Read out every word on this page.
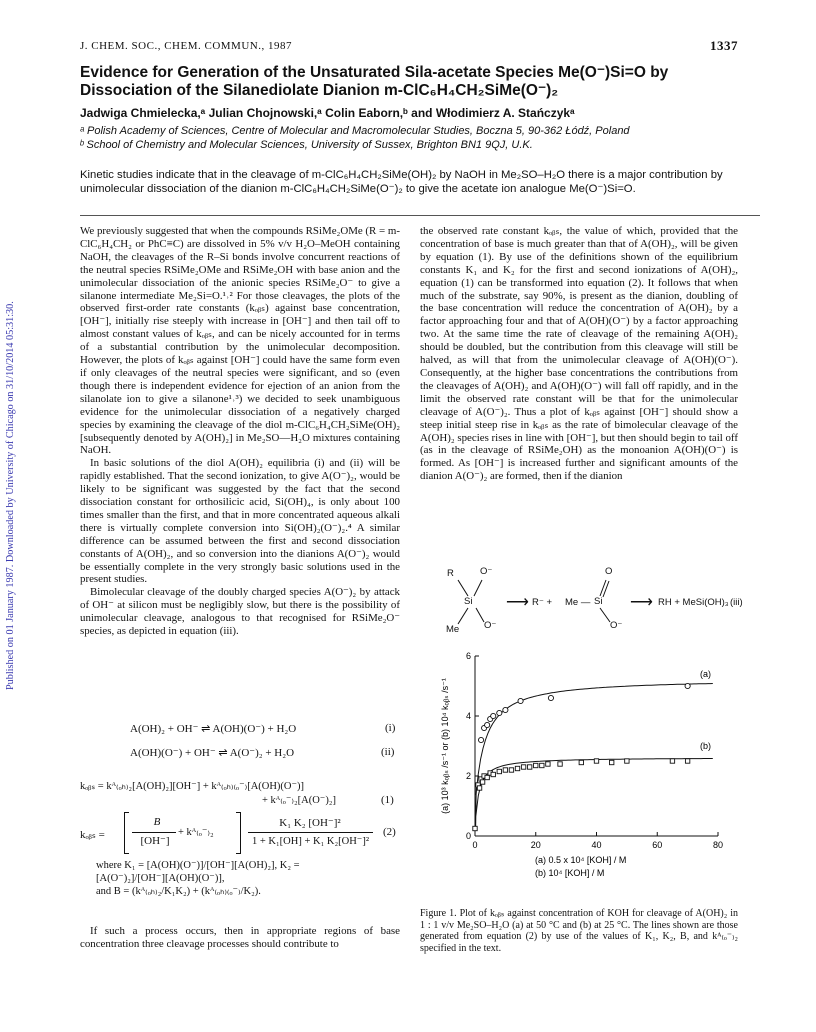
J. CHEM. SOC., CHEM. COMMUN., 1987	1337
Evidence for Generation of the Unsaturated Sila-acetate Species Me(O⁻)Si=O by
Dissociation of the Silanediolate Dianion m-ClC₆H₄CH₂SiMe(O⁻)₂
Jadwiga Chmielecka,ᵃ Julian Chojnowski,ᵃ Colin Eaborn,ᵇ and Włodimierz A. Stańczykᵃ
ᵃ Polish Academy of Sciences, Centre of Molecular and Macromolecular Studies, Boczna 5, 90-362 Łódź, Poland
ᵇ School of Chemistry and Molecular Sciences, University of Sussex, Brighton BN1 9QJ, U.K.
Kinetic studies indicate that in the cleavage of m-ClC₆H₄CH₂SiMe(OH)₂ by NaOH in Me₂SO–H₂O there is a major contribution by unimolecular dissociation of the dianion m-ClC₆H₄CH₂SiMe(O⁻)₂ to give the acetate ion analogue Me(O⁻)Si=O.
Published on 01 January 1987. Downloaded by University of Chicago on 31/10/2014 05:31:30.

We previously suggested that when the compounds RSiMe₂OMe (R = m-ClC₆H₄CH₂ or PhC≡C) are dissolved in 5% v/v H₂O–MeOH containing NaOH, the cleavages of the R–Si bonds involve concurrent reactions of the neutral species RSiMe₂OMe and RSiMe₂OH with base anion and the unimolecular dissociation of the anionic species RSiMe₂O⁻ to give a silanone intermediate Me₂Si=O.¹˒² For those cleavages, the plots of the observed first-order rate constants (kₒᵦₛ) against base concentration, [OH⁻], initially rise steeply with increase in [OH⁻] and then tail off to almost constant values of kₒᵦₛ, and can be nicely accounted for in terms of a substantial contribution by the unimolecular decomposition. However, the plots of kₒᵦₛ against [OH⁻] could have the same form even if only cleavages of the neutral species were significant, and so (even though there is independent evidence for ejection of an anion from the silanolate ion to give a silanone¹˒³) we decided to seek unambiguous evidence for the unimolecular dissociation of a negatively charged species by examining the cleavage of the diol m-ClC₆H₄CH₂SiMe(OH)₂ [subsequently denoted by A(OH)₂] in Me₂SO—H₂O mixtures containing NaOH.

In basic solutions of the diol A(OH)₂ equilibria (i) and (ii) will be rapidly established. That the second ionization, to give A(O⁻)₂, would be likely to be significant was suggested by the fact that the second dissociation constant for orthosilicic acid, Si(OH)₄, is only about 100 times smaller than the first, and that in more concentrated aqueous alkali there is virtually complete conversion into Si(OH)₂(O⁻)₂.⁴ A similar difference can be assumed between the first and second dissociation constants of A(OH)₂, and so conversion into the dianions A(O⁻)₂ would be essentially complete in the very strongly basic solutions used in the present studies.

Bimolecular cleavage of the doubly charged species A(O⁻)₂ by attack of OH⁻ at silicon must be negligibly slow, but there is the possibility of unimolecular cleavage, analogous to that recognised for RSiMe₂O⁻ species, as depicted in equation (iii).

A(OH)₂ + OH⁻ ⇌ A(OH)(O⁻) + H₂O	(i)
A(OH)(O⁻) + OH⁻ ⇌ A(O⁻)₂ + H₂O	(ii)
kₒᵦₛ = kᴬ₍ₒₕ₎₂[A(OH)₂][OH⁻] + kᴬ₍ₒₕ₎₍ₒ⁻₎[A(OH)(O⁻)]
+ kᴬ₍ₒ⁻₎₂[A(O⁻)₂]	(1)
kₒᵦₛ =
B
[OH⁻]
+ kᴬ₍ₒ⁻₎₂
K₁ K₂ [OH⁻]²
1 + K₁[OH] + K₁ K₂[OH⁻]²
(2)
where K₁ = [A(OH)(O⁻)]/[OH⁻][A(OH)₂], K₂ =
[A(O⁻)₂]/[OH⁻][A(OH)(O⁻)],
and B = (kᴬ₍ₒₕ₎₂/K₁K₂) + (kᴬ₍ₒₕ₎₍ₒ⁻₎/K₂).

If such a process occurs, then in appropriate regions of base concentration three cleavage processes should contribute to

the observed rate constant kₒᵦₛ, the value of which, provided that the concentration of base is much greater than that of A(OH)₂, will be given by equation (1). By use of the definitions shown of the equilibrium constants K₁ and K₂ for the first and second ionizations of A(OH)₂, equation (1) can be transformed into equation (2). It follows that when much of the substrate, say 90%, is present as the dianion, doubling of the base concentration will reduce the concentration of A(OH)₂ by a factor approaching four and that of A(OH)(O⁻) by a factor approaching two. At the same time the rate of cleavage of the remaining A(OH)₂ should be doubled, but the contribution from this cleavage will still be halved, as will that from the unimolecular cleavage of A(OH)(O⁻). Consequently, at the higher base concentrations the contributions from the cleavages of A(OH)₂ and A(OH)(O⁻) will fall off rapidly, and in the limit the observed rate constant will be that for the unimolecular cleavage of A(O⁻)₂. Thus a plot of kₒᵦₛ against [OH⁻] should show a steep initial steep rise in kₒᵦₛ as the rate of bimolecular cleavage of the A(OH)₂ species rises in line with [OH⁻], but then should begin to tail off (as in the cleavage of RSiMe₂OH) as the monoanion A(OH)(O⁻) is formed. As [OH⁻] is increased further and significant amounts of the dianion A(O⁻)₂ are formed, then if the dianion

R	O⁻
Si
Me	O⁻
⟶ R⁻ + Me — Si
O
O⁻
⟶ RH + MeSi(OH)₃ (iii)
0	20	40	60	80
0
2
4
6
(a) 10³ kₒᵦₛ /s⁻¹ or (b) 10⁴ kₒᵦₛ /s⁻¹
(a) 0.5 x 10⁴ [KOH] / M
(b) 10⁴ [KOH] / M
(a)
(b)
Figure 1. Plot of kₒᵦₛ against concentration of KOH for cleavage of A(OH)₂ in 1 : 1 v/v Me₂SO–H₂O (a) at 50 °C and (b) at 25 °C. The lines shown are those generated from equation (2) by use of the values of K₁, K₂, B, and kᴬ₍ₒ⁻₎₂ specified in the text.
